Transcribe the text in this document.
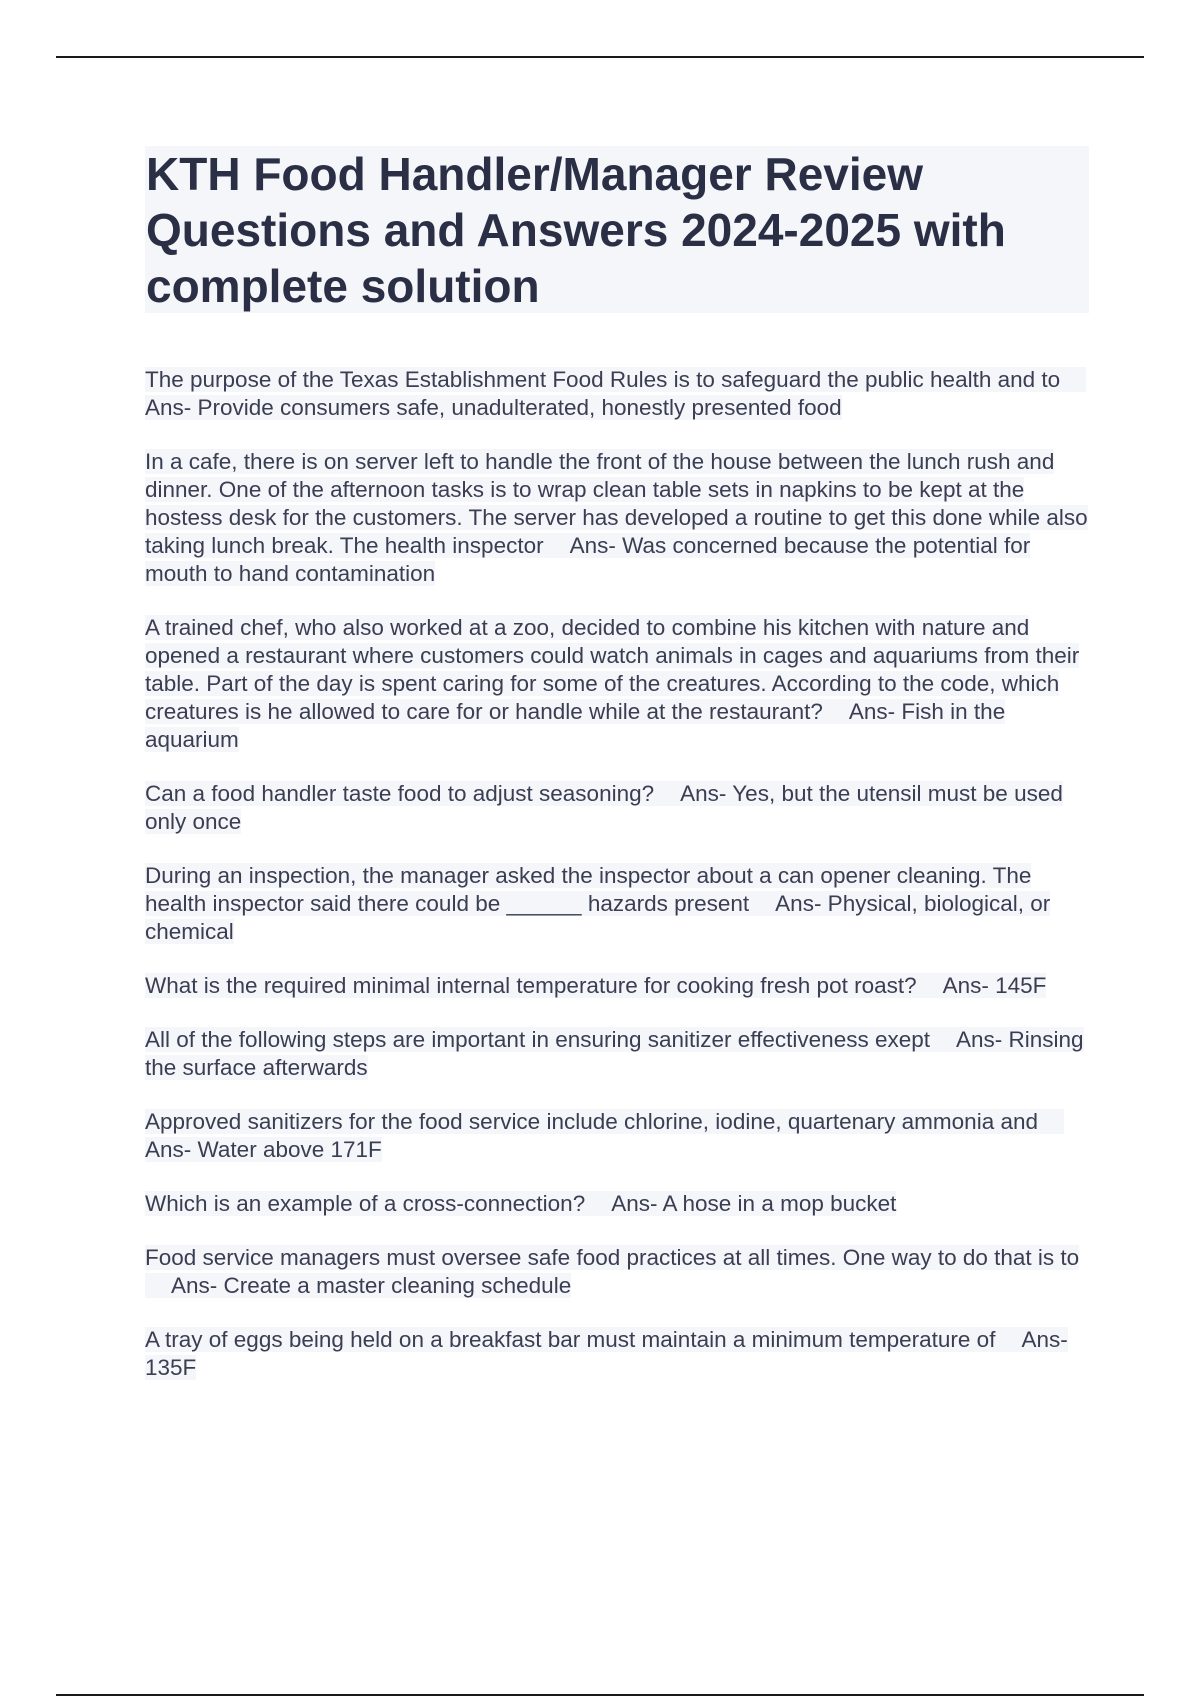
KTH Food Handler/Manager Review Questions and Answers 2024-2025 with complete solution
The purpose of the Texas Establishment Food Rules is to safeguard the public health and toAns- Provide consumers safe, unadulterated, honestly presented food
In a cafe, there is on server left to handle the front of the house between the lunch rush and dinner. One of the afternoon tasks is to wrap clean table sets in napkins to be kept at the hostess desk for the customers. The server has developed a routine to get this done while also taking lunch break. The health inspector Ans- Was concerned because the potential for mouth to hand contamination
A trained chef, who also worked at a zoo, decided to combine his kitchen with nature and opened a restaurant where customers could watch animals in cages and aquariums from their table. Part of the day is spent caring for some of the creatures. According to the code, which creatures is he allowed to care for or handle while at the restaurant? Ans- Fish in the aquarium
Can a food handler taste food to adjust seasoning? Ans- Yes, but the utensil must be used only once
During an inspection, the manager asked the inspector about a can opener cleaning. The health inspector said there could be ______ hazards present Ans- Physical, biological, or chemical
What is the required minimal internal temperature for cooking fresh pot roast? Ans- 145F
All of the following steps are important in ensuring sanitizer effectiveness exept Ans- Rinsing the surface afterwards
Approved sanitizers for the food service include chlorine, iodine, quartenary ammonia andAns- Water above 171F
Which is an example of a cross-connection? Ans- A hose in a mop bucket
Food service managers must oversee safe food practices at all times. One way to do that is toAns- Create a master cleaning schedule
A tray of eggs being held on a breakfast bar must maintain a minimum temperature of Ans- 135F
